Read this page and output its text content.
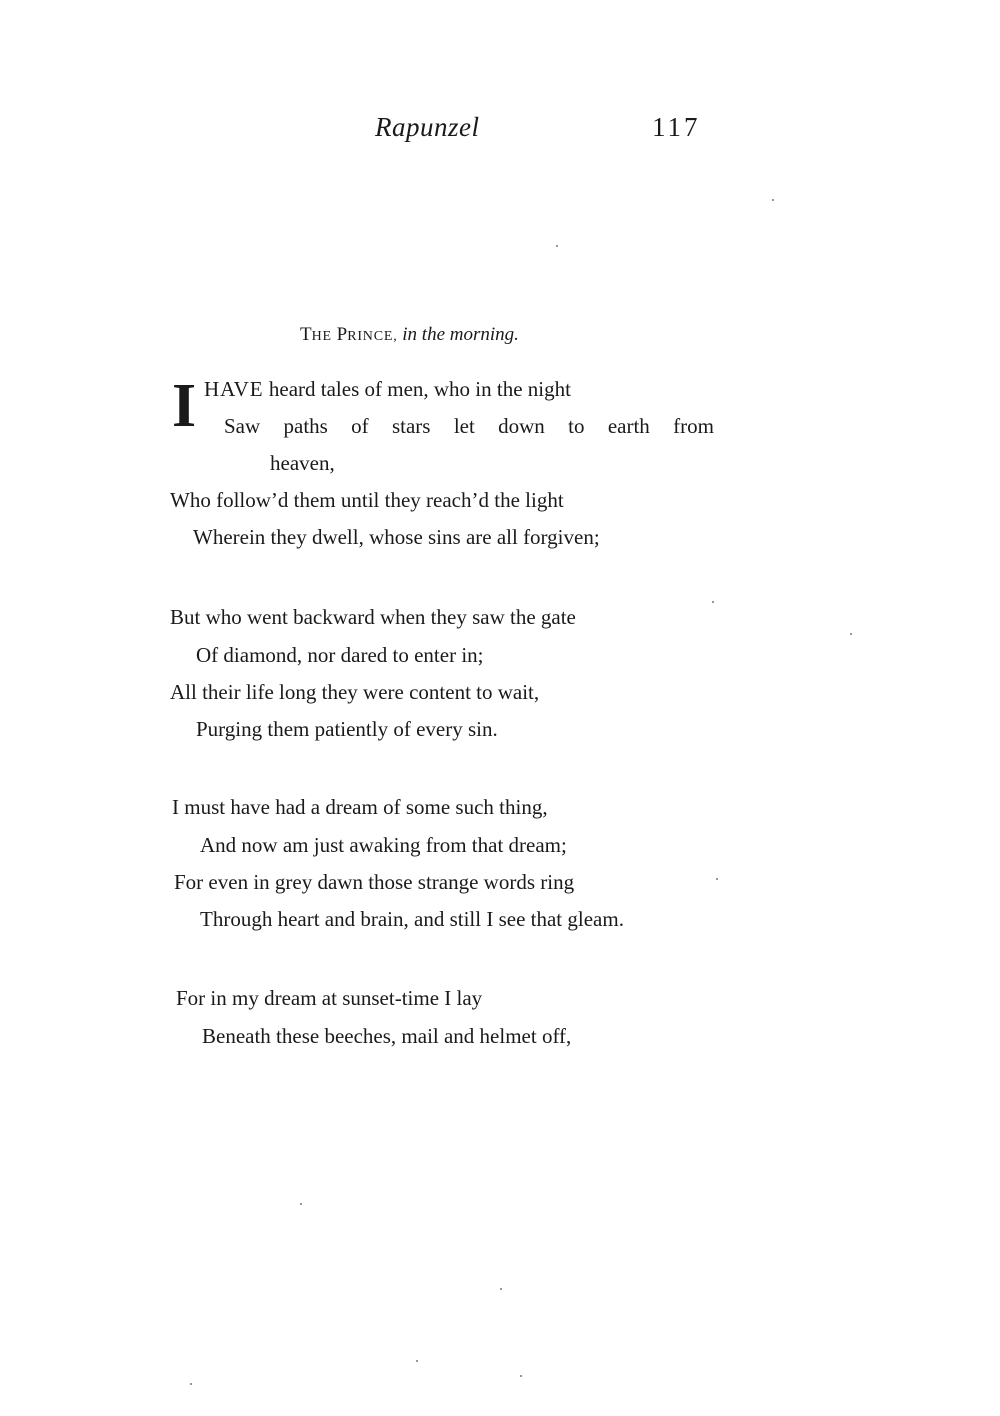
Rapunzel	117
THE PRINCE, in the morning.
I HAVE heard tales of men, who in the night
Saw paths of stars let down to earth from
heaven,
Who follow’d them until they reach’d the light
Wherein they dwell, whose sins are all forgiven;
But who went backward when they saw the gate
Of diamond, nor dared to enter in;
All their life long they were content to wait,
Purging them patiently of every sin.
I must have had a dream of some such thing,
And now am just awaking from that dream;
For even in grey dawn those strange words ring
Through heart and brain, and still I see that gleam.
For in my dream at sunset-time I lay
Beneath these beeches, mail and helmet off,
